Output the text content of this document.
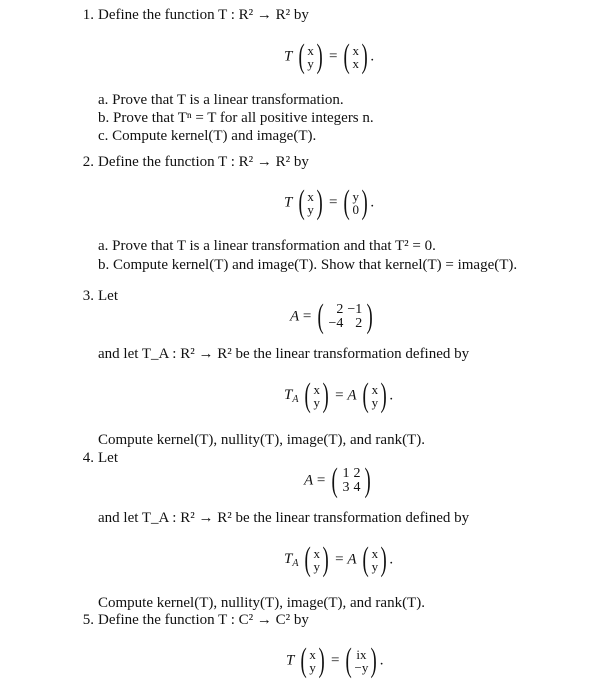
1. Define the function T : R² → R² by
T ( x
y ) = ( x
x ) .
a. Prove that T is a linear transformation.
b. Prove that Tⁿ = T for all positive integers n.
c. Compute kernel(T) and image(T).
2. Define the function T : R² → R² by
T ( x
y ) = ( y
0 ) .
a. Prove that T is a linear transformation and that T² = 0.
b. Compute kernel(T) and image(T). Show that kernel(T) = image(T).
3. Let
A = ( 2	−1
−4	2 )
and let T_A : R² → R² be the linear transformation defined by
$T_A$ ( x
y ) = A ( x
y ) .
Compute kernel(T), nullity(T), image(T), and rank(T).
4. Let
A = ( 1	2
3	4 )
and let T_A : R² → R² be the linear transformation defined by
$T_A$ ( x
y ) = A ( x
y ) .
Compute kernel(T), nullity(T), image(T), and rank(T).
5. Define the function T : C² → C² by
T ( x
y ) = ( ix
−y ) .
